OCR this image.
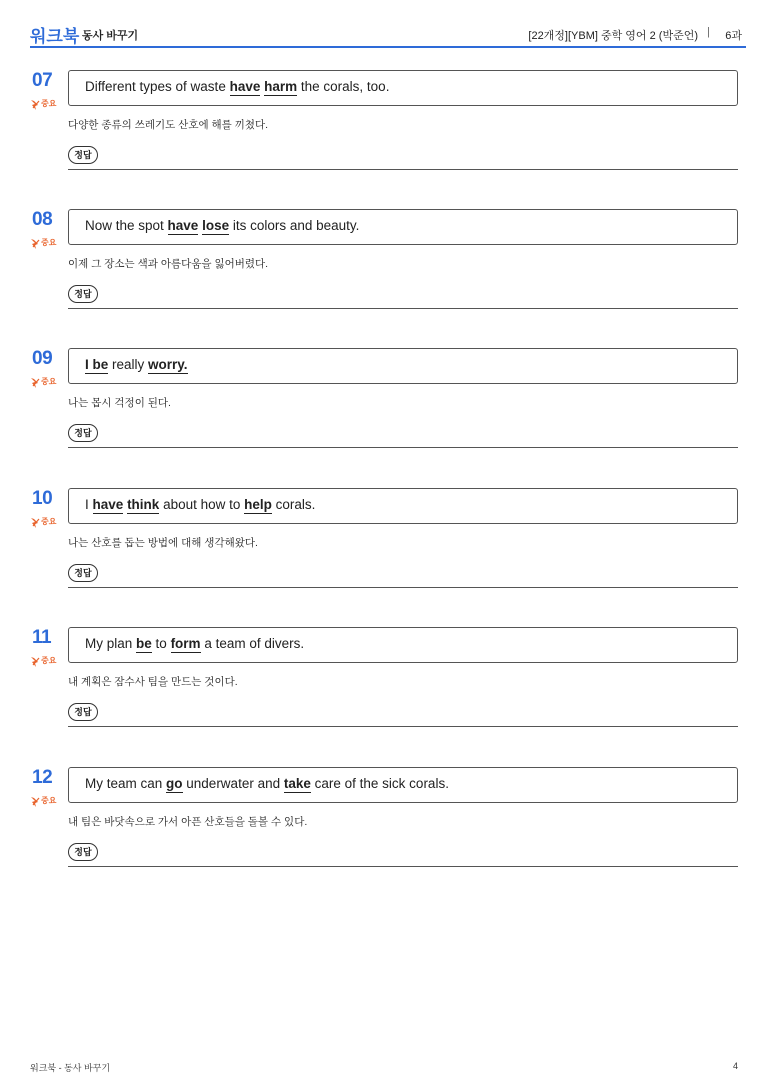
워크북 동사 바꾸기	[22개정][YBM] 중학 영어 2 (박준언) | 6과
07
중요
Different types of waste have harm the corals, too.
다양한 종류의 쓰레기도 산호에 해를 끼쳤다.
정답
08
중요
Now the spot have lose its colors and beauty.
이제 그 장소는 색과 아름다움을 잃어버렸다.
정답
09
중요
I be really worry.
나는 몹시 걱정이 된다.
정답
10
중요
I have think about how to help corals.
나는 산호를 돕는 방법에 대해 생각해왔다.
정답
11
중요
My plan be to form a team of divers.
내 계획은 잠수사 팀을 만드는 것이다.
정답
12
중요
My team can go underwater and take care of the sick corals.
내 팀은 바닷속으로 가서 아픈 산호들을 돌볼 수 있다.
정답
워크북 - 동사 바꾸기	4
